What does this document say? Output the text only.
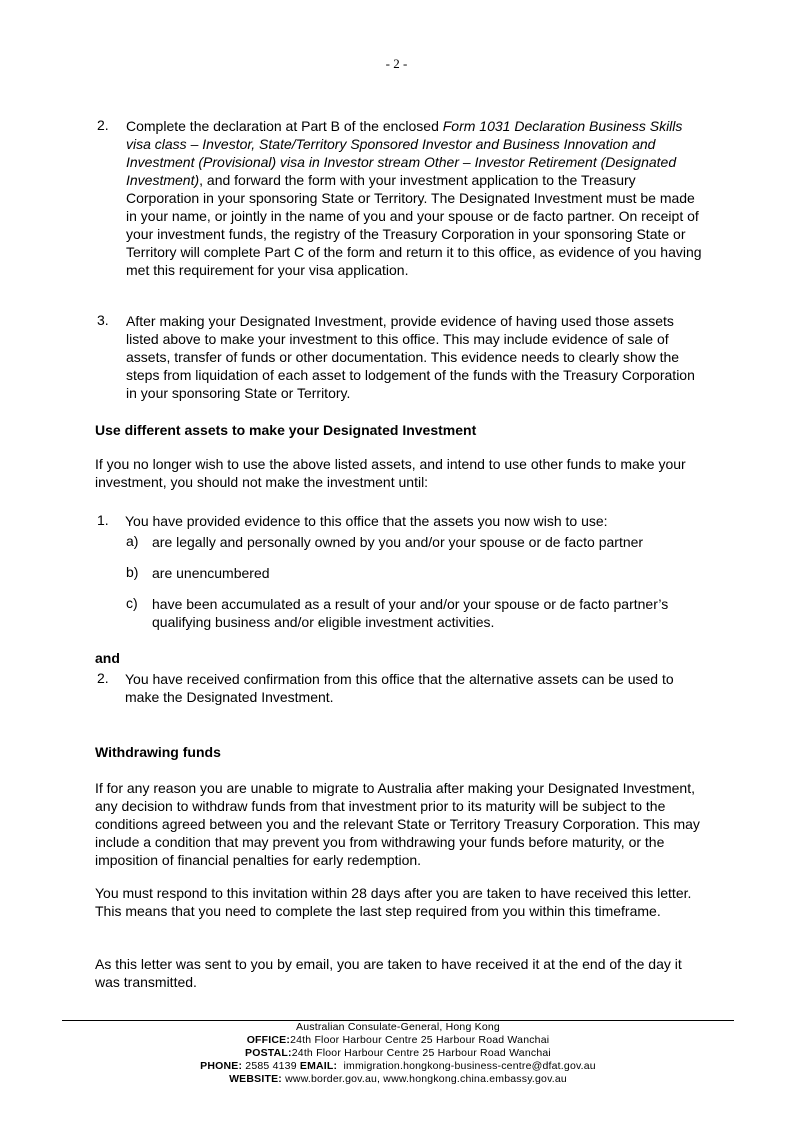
- 2 -
2. Complete the declaration at Part B of the enclosed Form 1031 Declaration Business Skills visa class – Investor, State/Territory Sponsored Investor and Business Innovation and Investment (Provisional) visa in Investor stream Other – Investor Retirement (Designated Investment), and forward the form with your investment application to the Treasury Corporation in your sponsoring State or Territory. The Designated Investment must be made in your name, or jointly in the name of you and your spouse or de facto partner. On receipt of your investment funds, the registry of the Treasury Corporation in your sponsoring State or Territory will complete Part C of the form and return it to this office, as evidence of you having met this requirement for your visa application.

3. After making your Designated Investment, provide evidence of having used those assets listed above to make your investment to this office. This may include evidence of sale of assets, transfer of funds or other documentation. This evidence needs to clearly show the steps from liquidation of each asset to lodgement of the funds with the Treasury Corporation in your sponsoring State or Territory.

Use different assets to make your Designated Investment

If you no longer wish to use the above listed assets, and intend to use other funds to make your investment, you should not make the investment until:

1. You have provided evidence to this office that the assets you now wish to use:

a) are legally and personally owned by you and/or your spouse or de facto partner

b) are unencumbered

c) have been accumulated as a result of your and/or your spouse or de facto partner’s qualifying business and/or eligible investment activities.

and
2. You have received confirmation from this office that the alternative assets can be used to make the Designated Investment.

Withdrawing funds

If for any reason you are unable to migrate to Australia after making your Designated Investment, any decision to withdraw funds from that investment prior to its maturity will be subject to the conditions agreed between you and the relevant State or Territory Treasury Corporation. This may include a condition that may prevent you from withdrawing your funds before maturity, or the imposition of financial penalties for early redemption.

You must respond to this invitation within 28 days after you are taken to have received this letter. This means that you need to complete the last step required from you within this timeframe.

As this letter was sent to you by email, you are taken to have received it at the end of the day it was transmitted.

Australian Consulate-General, Hong Kong
OFFICE:24th Floor Harbour Centre 25 Harbour Road Wanchai
POSTAL:24th Floor Harbour Centre 25 Harbour Road Wanchai
PHONE: 2585 4139 EMAIL: immigration.hongkong-business-centre@dfat.gov.au
WEBSITE: www.border.gov.au, www.hongkong.china.embassy.gov.au
